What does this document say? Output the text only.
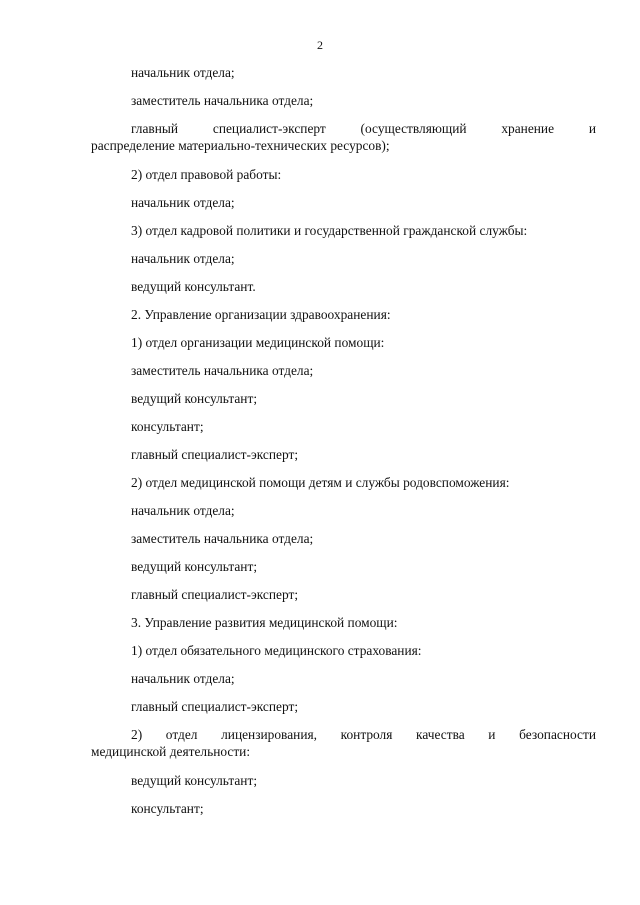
2

начальник отдела;

заместитель начальника отдела;

главный специалист-эксперт (осуществляющий хранение и
распределение материально-технических ресурсов);

2) отдел правовой работы:

начальник отдела;

3) отдел кадровой политики и государственной гражданской службы:

начальник отдела;

ведущий консультант.

2. Управление организации здравоохранения:

1) отдел организации медицинской помощи:

заместитель начальника отдела;

ведущий консультант;

консультант;

главный специалист-эксперт;

2) отдел медицинской помощи детям и службы родовспоможения:

начальник отдела;

заместитель начальника отдела;

ведущий консультант;

главный специалист-эксперт;

3. Управление развития медицинской помощи:

1) отдел обязательного медицинского страхования:

начальник отдела;

главный специалист-эксперт;

2) отдел лицензирования, контроля качества и безопасности
медицинской деятельности:

ведущий консультант;

консультант;
